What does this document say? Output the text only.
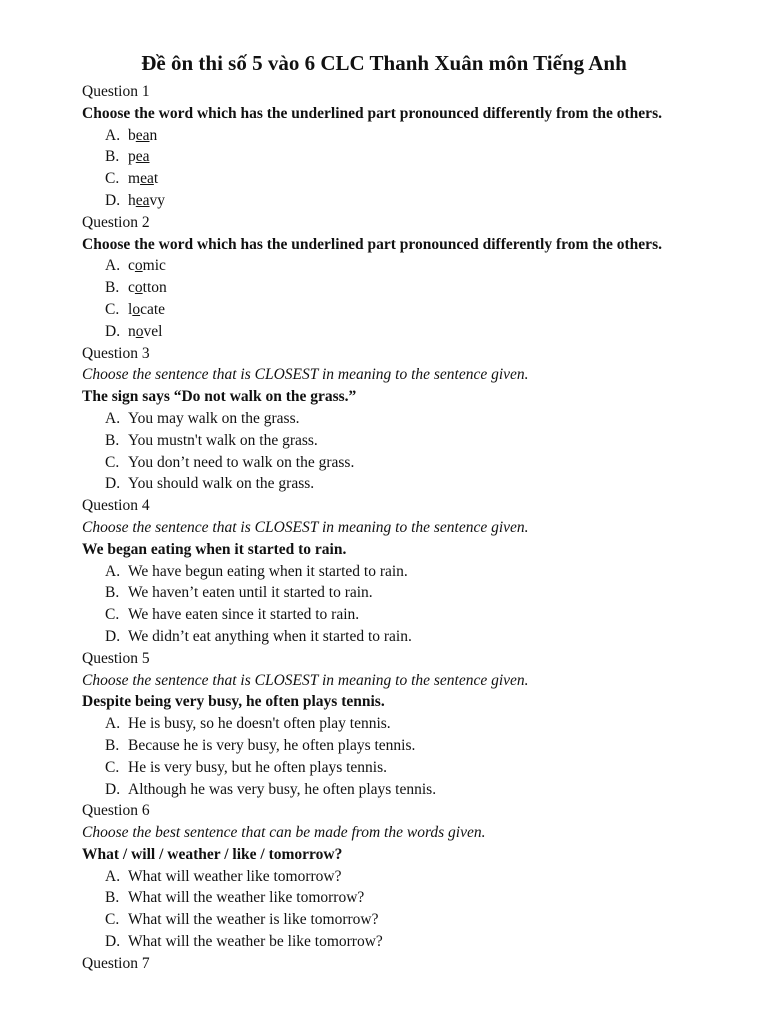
Đề ôn thi số 5 vào 6 CLC Thanh Xuân môn Tiếng Anh
Question 1
Choose the word which has the underlined part pronounced differently from the others.
A. bean
B. pea
C. meat
D. heavy
Question 2
Choose the word which has the underlined part pronounced differently from the others.
A. comic
B. cotton
C. locate
D. novel
Question 3
Choose the sentence that is CLOSEST in meaning to the sentence given.
The sign says “Do not walk on the grass.”
A. You may walk on the grass.
B. You mustn't walk on the grass.
C. You don’t need to walk on the grass.
D. You should walk on the grass.
Question 4
Choose the sentence that is CLOSEST in meaning to the sentence given.
We began eating when it started to rain.
A. We have begun eating when it started to rain.
B. We haven’t eaten until it started to rain.
C. We have eaten since it started to rain.
D. We didn’t eat anything when it started to rain.
Question 5
Choose the sentence that is CLOSEST in meaning to the sentence given.
Despite being very busy, he often plays tennis.
A. He is busy, so he doesn't often play tennis.
B. Because he is very busy, he often plays tennis.
C. He is very busy, but he often plays tennis.
D. Although he was very busy, he often plays tennis.
Question 6
Choose the best sentence that can be made from the words given.
What / will / weather / like / tomorrow?
A. What will weather like tomorrow?
B. What will the weather like tomorrow?
C. What will the weather is like tomorrow?
D. What will the weather be like tomorrow?
Question 7
